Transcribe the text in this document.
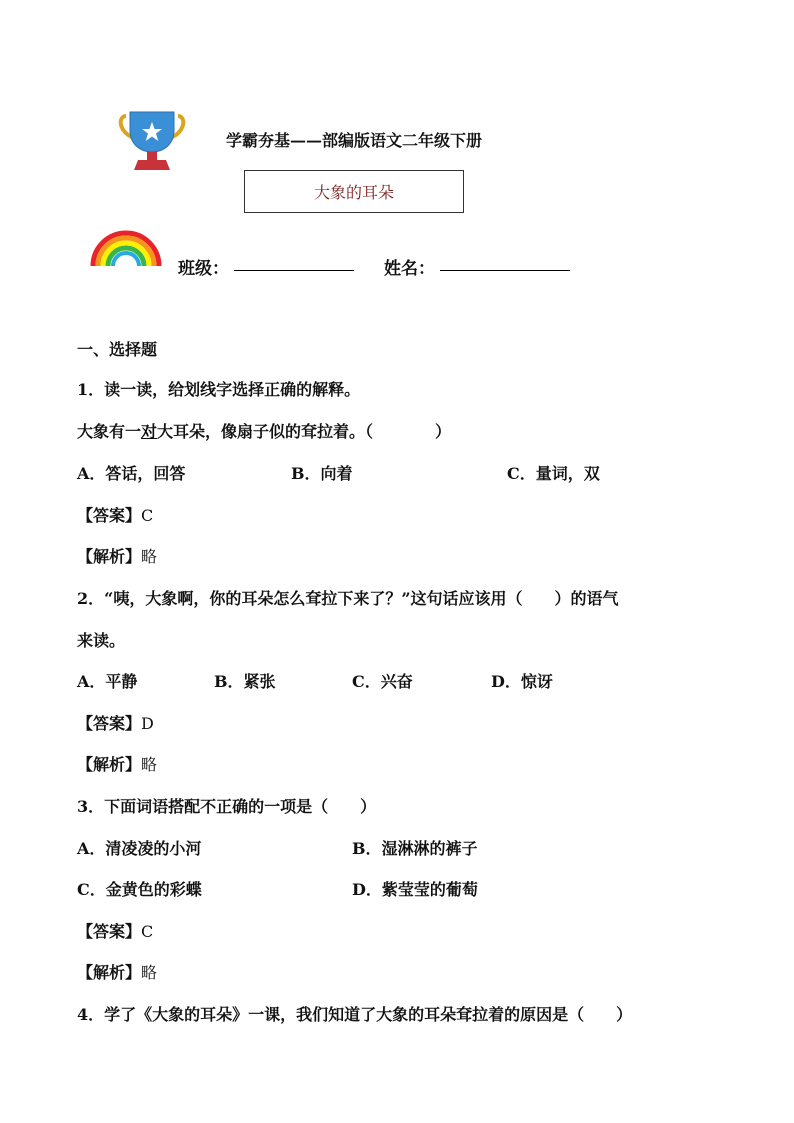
学霸夯基——部编版语文二年级下册
大象的耳朵
班级：	姓名：
一、选择题
1．读一读，给划线字选择正确的解释。
大象有一对大耳朵，像扇子似的耷拉着。（	）
A．答话，回答	B．向着	C．量词，双
【答案】C
【解析】略
2．“咦，大象啊，你的耳朵怎么耷拉下来了？”这句话应该用（　　）的语气
来读。
A．平静	B．紧张	C．兴奋	D．惊讶
【答案】D
【解析】略
3．下面词语搭配不正确的一项是（　　）
A．清凌凌的小河	B．湿淋淋的裤子
C．金黄色的彩蝶	D．紫莹莹的葡萄
【答案】C
【解析】略
4．学了《大象的耳朵》一课，我们知道了大象的耳朵耷拉着的原因是（　　）
